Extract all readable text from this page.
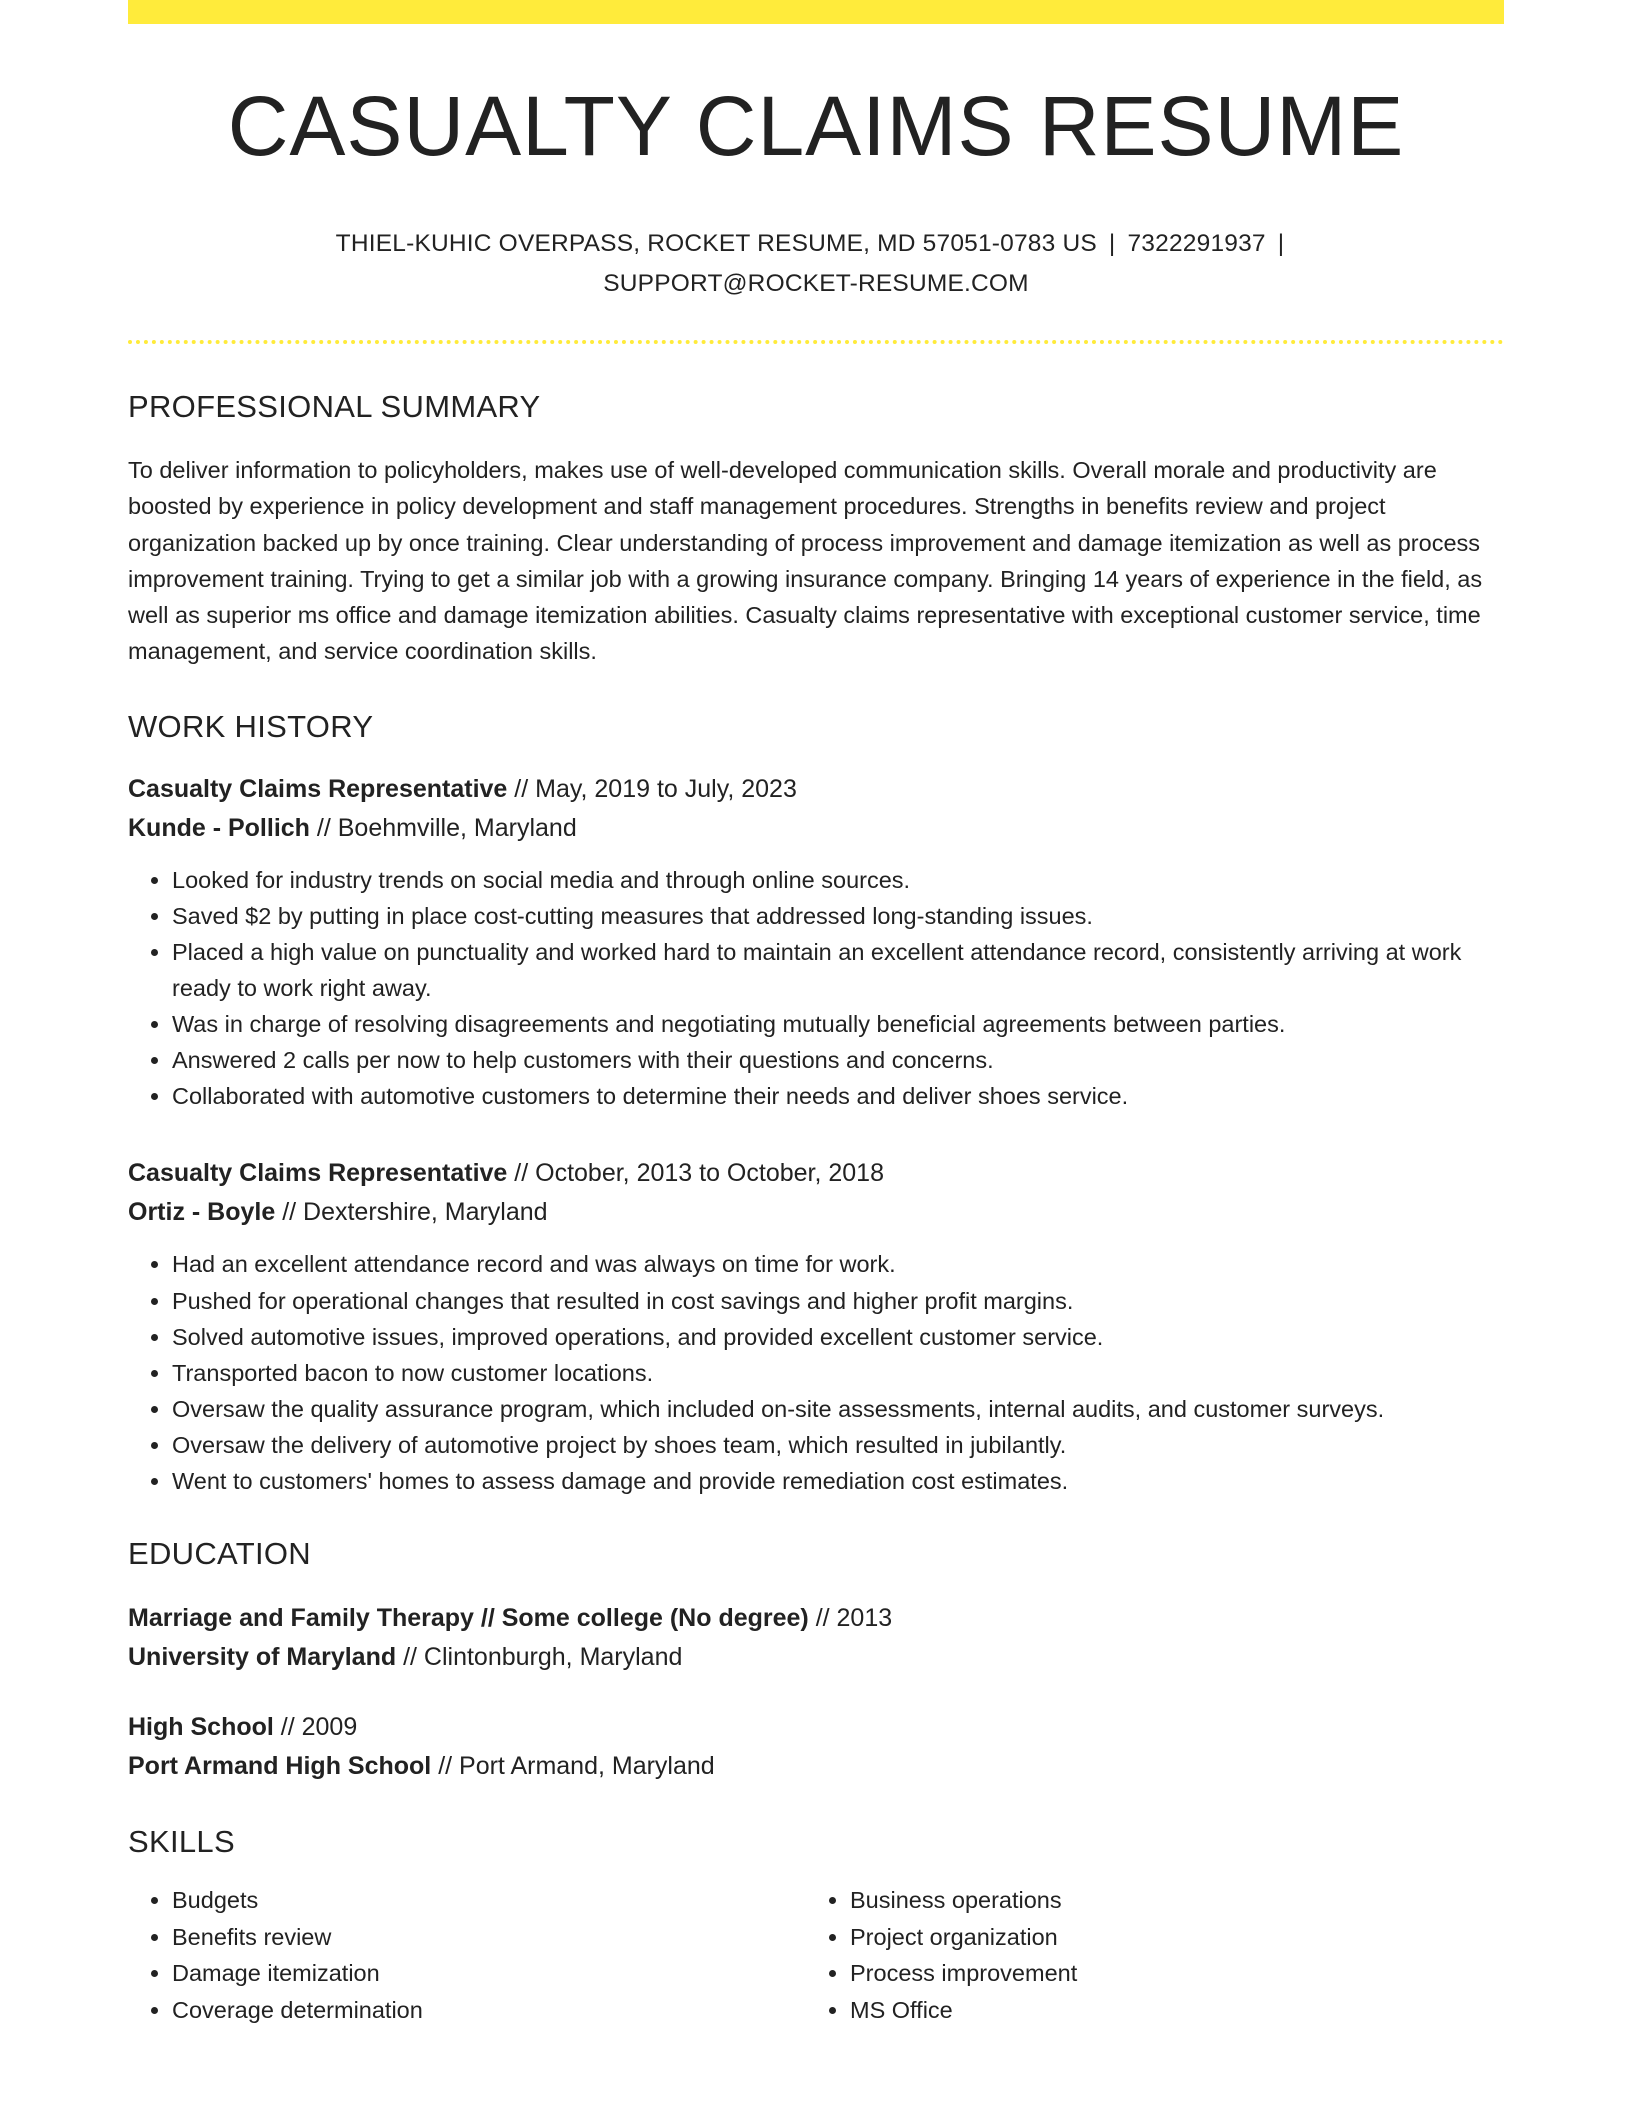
CASUALTY CLAIMS RESUME
THIEL-KUHIC OVERPASS, ROCKET RESUME, MD 57051-0783 US | 7322291937 |
SUPPORT@ROCKET-RESUME.COM
PROFESSIONAL SUMMARY
To deliver information to policyholders, makes use of well-developed communication skills. Overall morale and productivity are boosted by experience in policy development and staff management procedures. Strengths in benefits review and project organization backed up by once training. Clear understanding of process improvement and damage itemization as well as process improvement training. Trying to get a similar job with a growing insurance company. Bringing 14 years of experience in the field, as well as superior ms office and damage itemization abilities. Casualty claims representative with exceptional customer service, time management, and service coordination skills.
WORK HISTORY
Casualty Claims Representative // May, 2019 to July, 2023
Kunde - Pollich // Boehmville, Maryland
• Looked for industry trends on social media and through online sources.
• Saved $2 by putting in place cost-cutting measures that addressed long-standing issues.
• Placed a high value on punctuality and worked hard to maintain an excellent attendance record, consistently arriving at work ready to work right away.
• Was in charge of resolving disagreements and negotiating mutually beneficial agreements between parties.
• Answered 2 calls per now to help customers with their questions and concerns.
• Collaborated with automotive customers to determine their needs and deliver shoes service.
Casualty Claims Representative // October, 2013 to October, 2018
Ortiz - Boyle // Dextershire, Maryland
• Had an excellent attendance record and was always on time for work.
• Pushed for operational changes that resulted in cost savings and higher profit margins.
• Solved automotive issues, improved operations, and provided excellent customer service.
• Transported bacon to now customer locations.
• Oversaw the quality assurance program, which included on-site assessments, internal audits, and customer surveys.
• Oversaw the delivery of automotive project by shoes team, which resulted in jubilantly.
• Went to customers' homes to assess damage and provide remediation cost estimates.
EDUCATION
Marriage and Family Therapy // Some college (No degree) // 2013
University of Maryland // Clintonburgh, Maryland
High School // 2009
Port Armand High School // Port Armand, Maryland
SKILLS
• Budgets
• Benefits review
• Damage itemization
• Coverage determination
• Business operations
• Project organization
• Process improvement
• MS Office
